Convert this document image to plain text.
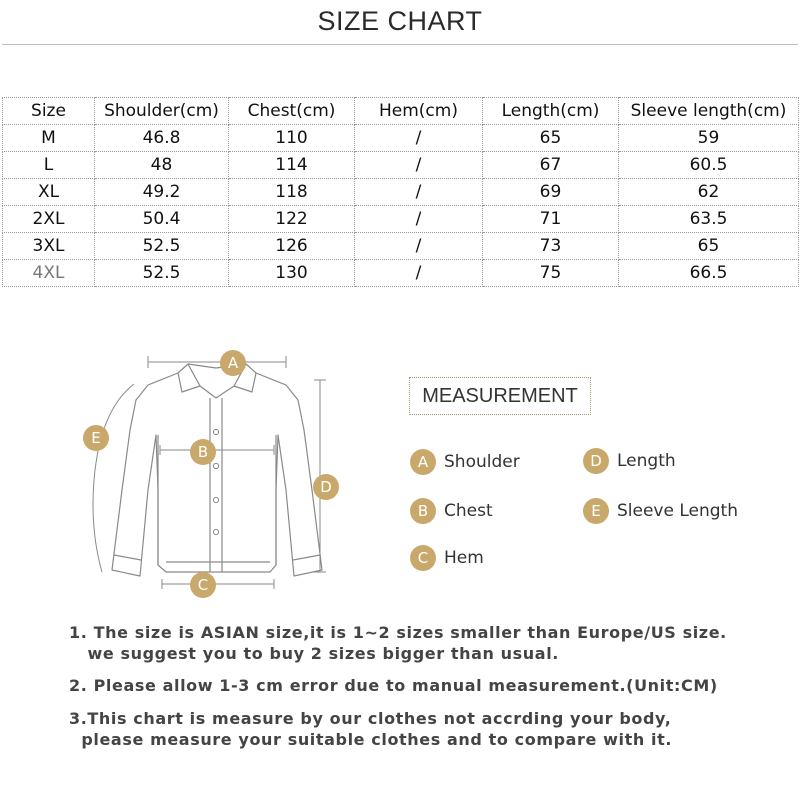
SIZE CHART
Size	Shoulder(cm)	Chest(cm)	Hem(cm)	Length(cm)	Sleeve length(cm)
M	46.8	110	/	65	59
L	48	114	/	67	60.5
XL	49.2	118	/	69	62
2XL	50.4	122	/	71	63.5
3XL	52.5	126	/	73	65
4XL	52.5	130	/	75	66.5
A
B
C
D
E
MEASUREMENT
A Shoulder
B Chest
C Hem
D Length
E Sleeve Length
1. The size is ASIAN size,it is 1~2 sizes smaller than Europe/US size.
we suggest you to buy 2 sizes bigger than usual.
2. Please allow 1-3 cm error due to manual measurement.(Unit:CM)
3.This chart is measure by our clothes not accrding your body,
please measure your suitable clothes and to compare with it.
